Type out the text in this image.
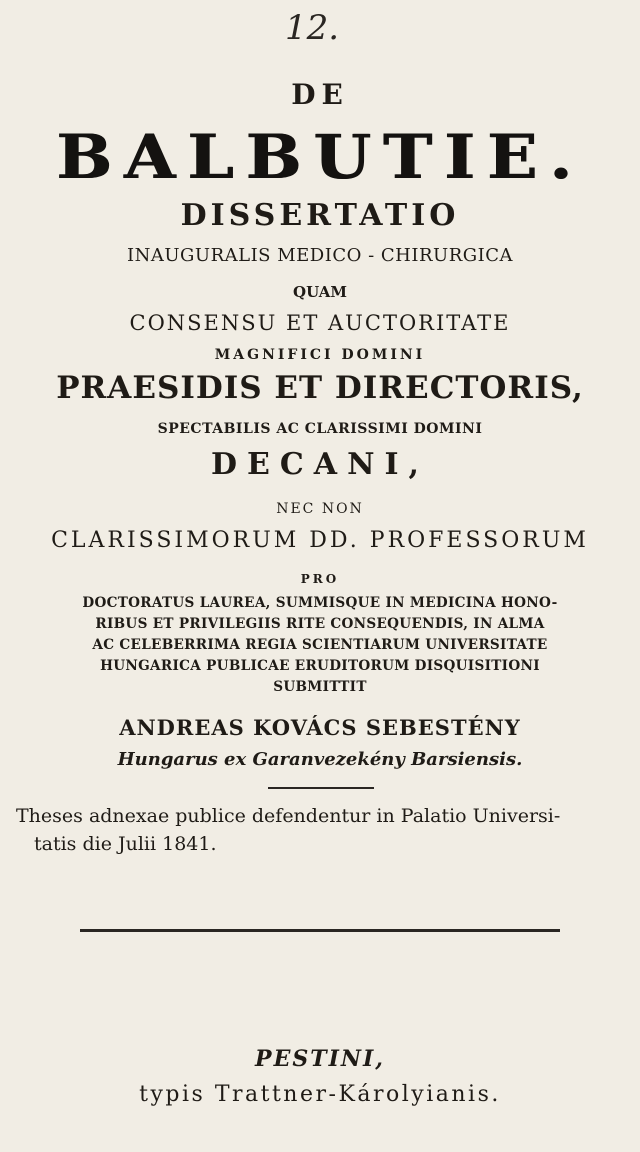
12.
DE
BALBUTIE.
DISSERTATIO
INAUGURALIS MEDICO - CHIRURGICA
QUAM
CONSENSU ET AUCTORITATE
MAGNIFICI DOMINI
PRAESIDIS ET DIRECTORIS,
SPECTABILIS AC CLARISSIMI DOMINI
DECANI,
NEC NON
CLARISSIMORUM DD. PROFESSORUM
PRO
DOCTORATUS LAUREA, SUMMISQUE IN MEDICINA HONO-
RIBUS ET PRIVILEGIIS RITE CONSEQUENDIS, IN ALMA
AC CELEBERRIMA REGIA SCIENTIARUM UNIVERSITATE
HUNGARICA PUBLICAE ERUDITORUM DISQUISITIONI
SUBMITTIT
ANDREAS KOVÁCS SEBESTÉNY
Hungarus ex Garanvezekény Barsiensis.
Theses adnexae publice defendentur in Palatio Universi-
tatis die Julii 1841.
PESTINI,
typis Trattner-Károlyianis.
